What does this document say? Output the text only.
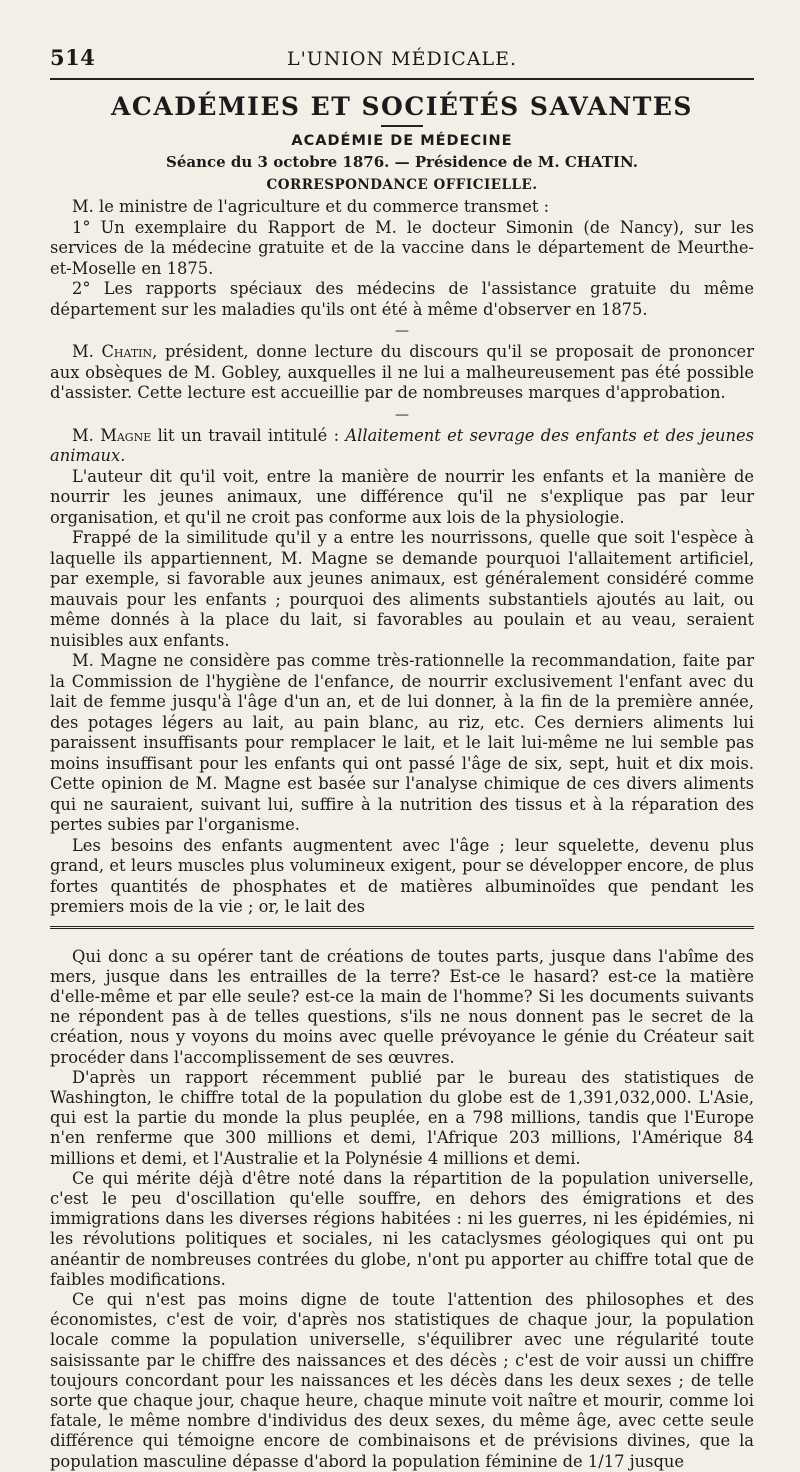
514	L'UNION MÉDICALE.
ACADÉMIES ET SOCIÉTÉS SAVANTES
ACADÉMIE DE MÉDECINE
Séance du 3 octobre 1876. — Présidence de M. CHATIN.
CORRESPONDANCE OFFICIELLE.

M. le ministre de l'agriculture et du commerce transmet :

1° Un exemplaire du Rapport de M. le docteur Simonin (de Nancy), sur les services de la médecine gratuite et de la vaccine dans le département de Meurthe-et-Moselle en 1875.

2° Les rapports spéciaux des médecins de l'assistance gratuite du même département sur les maladies qu'ils ont été à même d'observer en 1875.

—

M. Chatin, président, donne lecture du discours qu'il se proposait de prononcer aux obsèques de M. Gobley, auxquelles il ne lui a malheureusement pas été possible d'assister. Cette lecture est accueillie par de nombreuses marques d'approbation.

—

M. Magne lit un travail intitulé : Allaitement et sevrage des enfants et des jeunes animaux.

L'auteur dit qu'il voit, entre la manière de nourrir les enfants et la manière de nourrir les jeunes animaux, une différence qu'il ne s'explique pas par leur organisation, et qu'il ne croit pas conforme aux lois de la physiologie.

Frappé de la similitude qu'il y a entre les nourrissons, quelle que soit l'espèce à laquelle ils appartiennent, M. Magne se demande pourquoi l'allaitement artificiel, par exemple, si favorable aux jeunes animaux, est généralement considéré comme mauvais pour les enfants ; pourquoi des aliments substantiels ajoutés au lait, ou même donnés à la place du lait, si favorables au poulain et au veau, seraient nuisibles aux enfants.

M. Magne ne considère pas comme très-rationnelle la recommandation, faite par la Commission de l'hygiène de l'enfance, de nourrir exclusivement l'enfant avec du lait de femme jusqu'à l'âge d'un an, et de lui donner, à la fin de la première année, des potages légers au lait, au pain blanc, au riz, etc. Ces derniers aliments lui paraissent insuffisants pour remplacer le lait, et le lait lui-même ne lui semble pas moins insuffisant pour les enfants qui ont passé l'âge de six, sept, huit et dix mois. Cette opinion de M. Magne est basée sur l'analyse chimique de ces divers aliments qui ne sauraient, suivant lui, suffire à la nutrition des tissus et à la réparation des pertes subies par l'organisme.

Les besoins des enfants augmentent avec l'âge ; leur squelette, devenu plus grand, et leurs muscles plus volumineux exigent, pour se développer encore, de plus fortes quantités de phosphates et de matières albuminoïdes que pendant les premiers mois de la vie ; or, le lait des

Qui donc a su opérer tant de créations de toutes parts, jusque dans l'abîme des mers, jusque dans les entrailles de la terre? Est-ce le hasard? est-ce la matière d'elle-même et par elle seule? est-ce la main de l'homme? Si les documents suivants ne répondent pas à de telles questions, s'ils ne nous donnent pas le secret de la création, nous y voyons du moins avec quelle prévoyance le génie du Créateur sait procéder dans l'accomplissement de ses œuvres.

D'après un rapport récemment publié par le bureau des statistiques de Washington, le chiffre total de la population du globe est de 1,391,032,000. L'Asie, qui est la partie du monde la plus peuplée, en a 798 millions, tandis que l'Europe n'en renferme que 300 millions et demi, l'Afrique 203 millions, l'Amérique 84 millions et demi, et l'Australie et la Polynésie 4 millions et demi.

Ce qui mérite déjà d'être noté dans la répartition de la population universelle, c'est le peu d'oscillation qu'elle souffre, en dehors des émigrations et des immigrations dans les diverses régions habitées : ni les guerres, ni les épidémies, ni les révolutions politiques et sociales, ni les cataclysmes géologiques qui ont pu anéantir de nombreuses contrées du globe, n'ont pu apporter au chiffre total que de faibles modifications.

Ce qui n'est pas moins digne de toute l'attention des philosophes et des économistes, c'est de voir, d'après nos statistiques de chaque jour, la population locale comme la population universelle, s'équilibrer avec une régularité toute saisissante par le chiffre des naissances et des décès ; c'est de voir aussi un chiffre toujours concordant pour les naissances et les décès dans les deux sexes ; de telle sorte que chaque jour, chaque heure, chaque minute voit naître et mourir, comme loi fatale, le même nombre d'individus des deux sexes, du même âge, avec cette seule différence qui témoigne encore de combinaisons et de prévisions divines, que la population masculine dépasse d'abord la population féminine de 1/17 jusque
